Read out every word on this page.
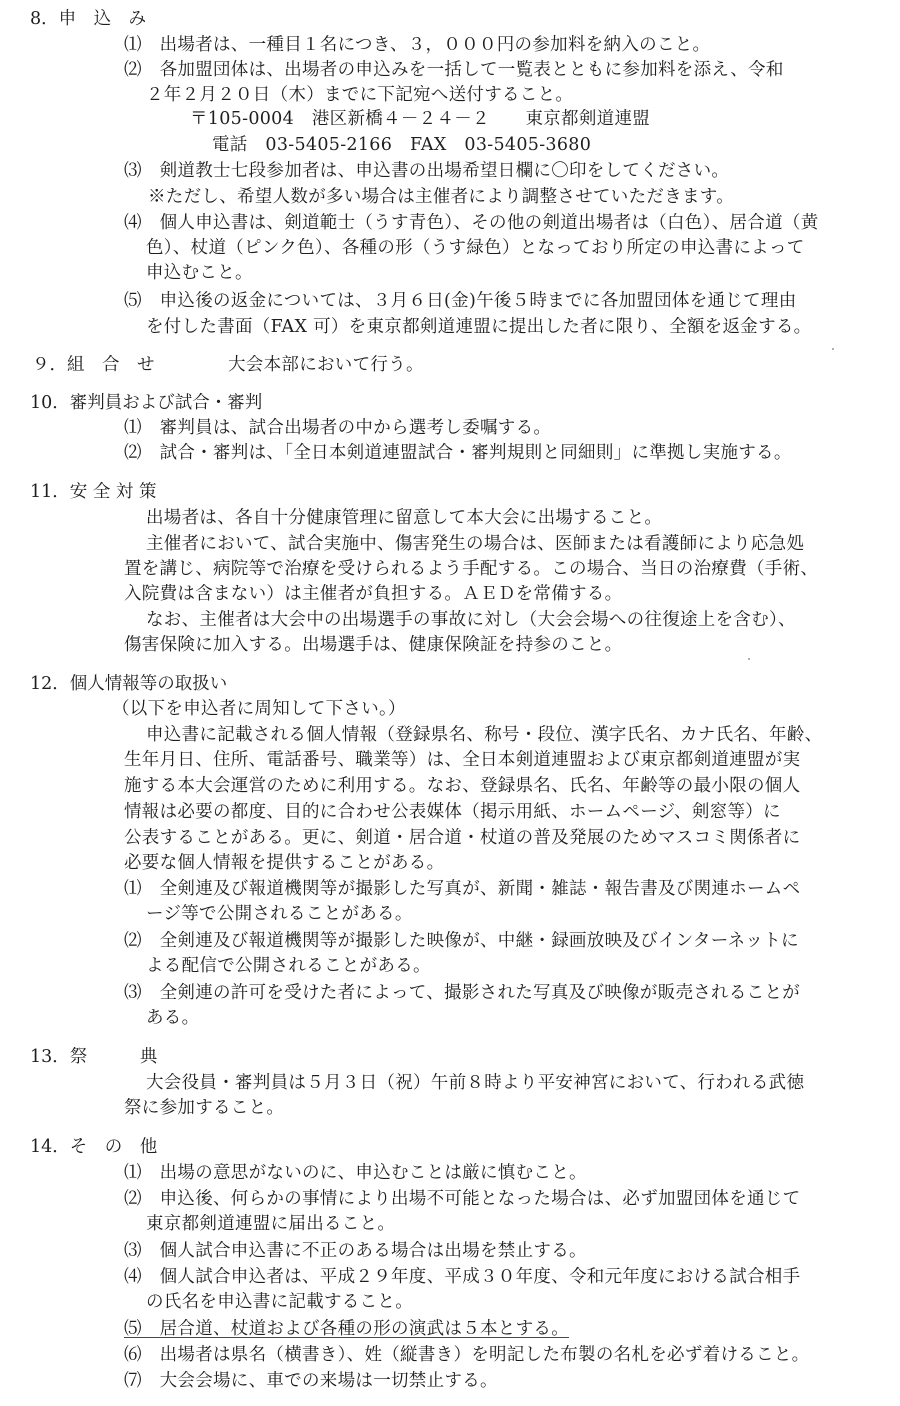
8．申　込　み
⑴　出場者は、一種目１名につき、３，０００円の参加料を納入のこと。
⑵　各加盟団体は、出場者の申込みを一括して一覧表とともに参加料を添え、令和
２年２月２０日（木）までに下記宛へ送付すること。
〒105-0004　港区新橋４－２４－２　　東京都剣道連盟
電話　03-5405-2166　FAX　03-5405-3680
⑶　剣道教士七段参加者は、申込書の出場希望日欄に〇印をしてください。
※ただし、希望人数が多い場合は主催者により調整させていただきます。
⑷　個人申込書は、剣道範士（うす青色）、その他の剣道出場者は（白色）、居合道（黄
色）、杖道（ピンク色）、各種の形（うす緑色）となっており所定の申込書によって
申込むこと。
⑸　申込後の返金については、３月６日(金)午後５時までに各加盟団体を通じて理由
を付した書面（FAX 可）を東京都剣道連盟に提出した者に限り、全額を返金する。
９．組　合　せ	大会本部において行う。
10．審判員および試合・審判
⑴　審判員は、試合出場者の中から選考し委嘱する。
⑵　試合・審判は、「全日本剣道連盟試合・審判規則と同細則」に準拠し実施する。
11．安 全 対 策
出場者は、各自十分健康管理に留意して本大会に出場すること。
主催者において、試合実施中、傷害発生の場合は、医師または看護師により応急処
置を講じ、病院等で治療を受けられるよう手配する。この場合、当日の治療費（手術、
入院費は含まない）は主催者が負担する。ＡＥＤを常備する。
なお、主催者は大会中の出場選手の事故に対し（大会会場への往復途上を含む）、
傷害保険に加入する。出場選手は、健康保険証を持参のこと。
12．個人情報等の取扱い
（以下を申込者に周知して下さい。）
申込書に記載される個人情報（登録県名、称号・段位、漢字氏名、カナ氏名、年齢、
生年月日、住所、電話番号、職業等）は、全日本剣道連盟および東京都剣道連盟が実
施する本大会運営のために利用する。なお、登録県名、氏名、年齢等の最小限の個人
情報は必要の都度、目的に合わせ公表媒体（掲示用紙、ホームページ、剣窓等）に
公表することがある。更に、剣道・居合道・杖道の普及発展のためマスコミ関係者に
必要な個人情報を提供することがある。
⑴　全剣連及び報道機関等が撮影した写真が、新聞・雑誌・報告書及び関連ホームペ
ージ等で公開されることがある。
⑵　全剣連及び報道機関等が撮影した映像が、中継・録画放映及びインターネットに
よる配信で公開されることがある。
⑶　全剣連の許可を受けた者によって、撮影された写真及び映像が販売されることが
ある。
13．祭　　　典
大会役員・審判員は５月３日（祝）午前８時より平安神宮において、行われる武徳
祭に参加すること。
14．そ　の　他
⑴　出場の意思がないのに、申込むことは厳に慎むこと。
⑵　申込後、何らかの事情により出場不可能となった場合は、必ず加盟団体を通じて
東京都剣道連盟に届出ること。
⑶　個人試合申込書に不正のある場合は出場を禁止する。
⑷　個人試合申込者は、平成２９年度、平成３０年度、令和元年度における試合相手
の氏名を申込書に記載すること。
⑸　居合道、杖道および各種の形の演武は５本とする。
⑹　出場者は県名（横書き）、姓（縦書き）を明記した布製の名札を必ず着けること。
⑺　大会会場に、車での来場は一切禁止する。
